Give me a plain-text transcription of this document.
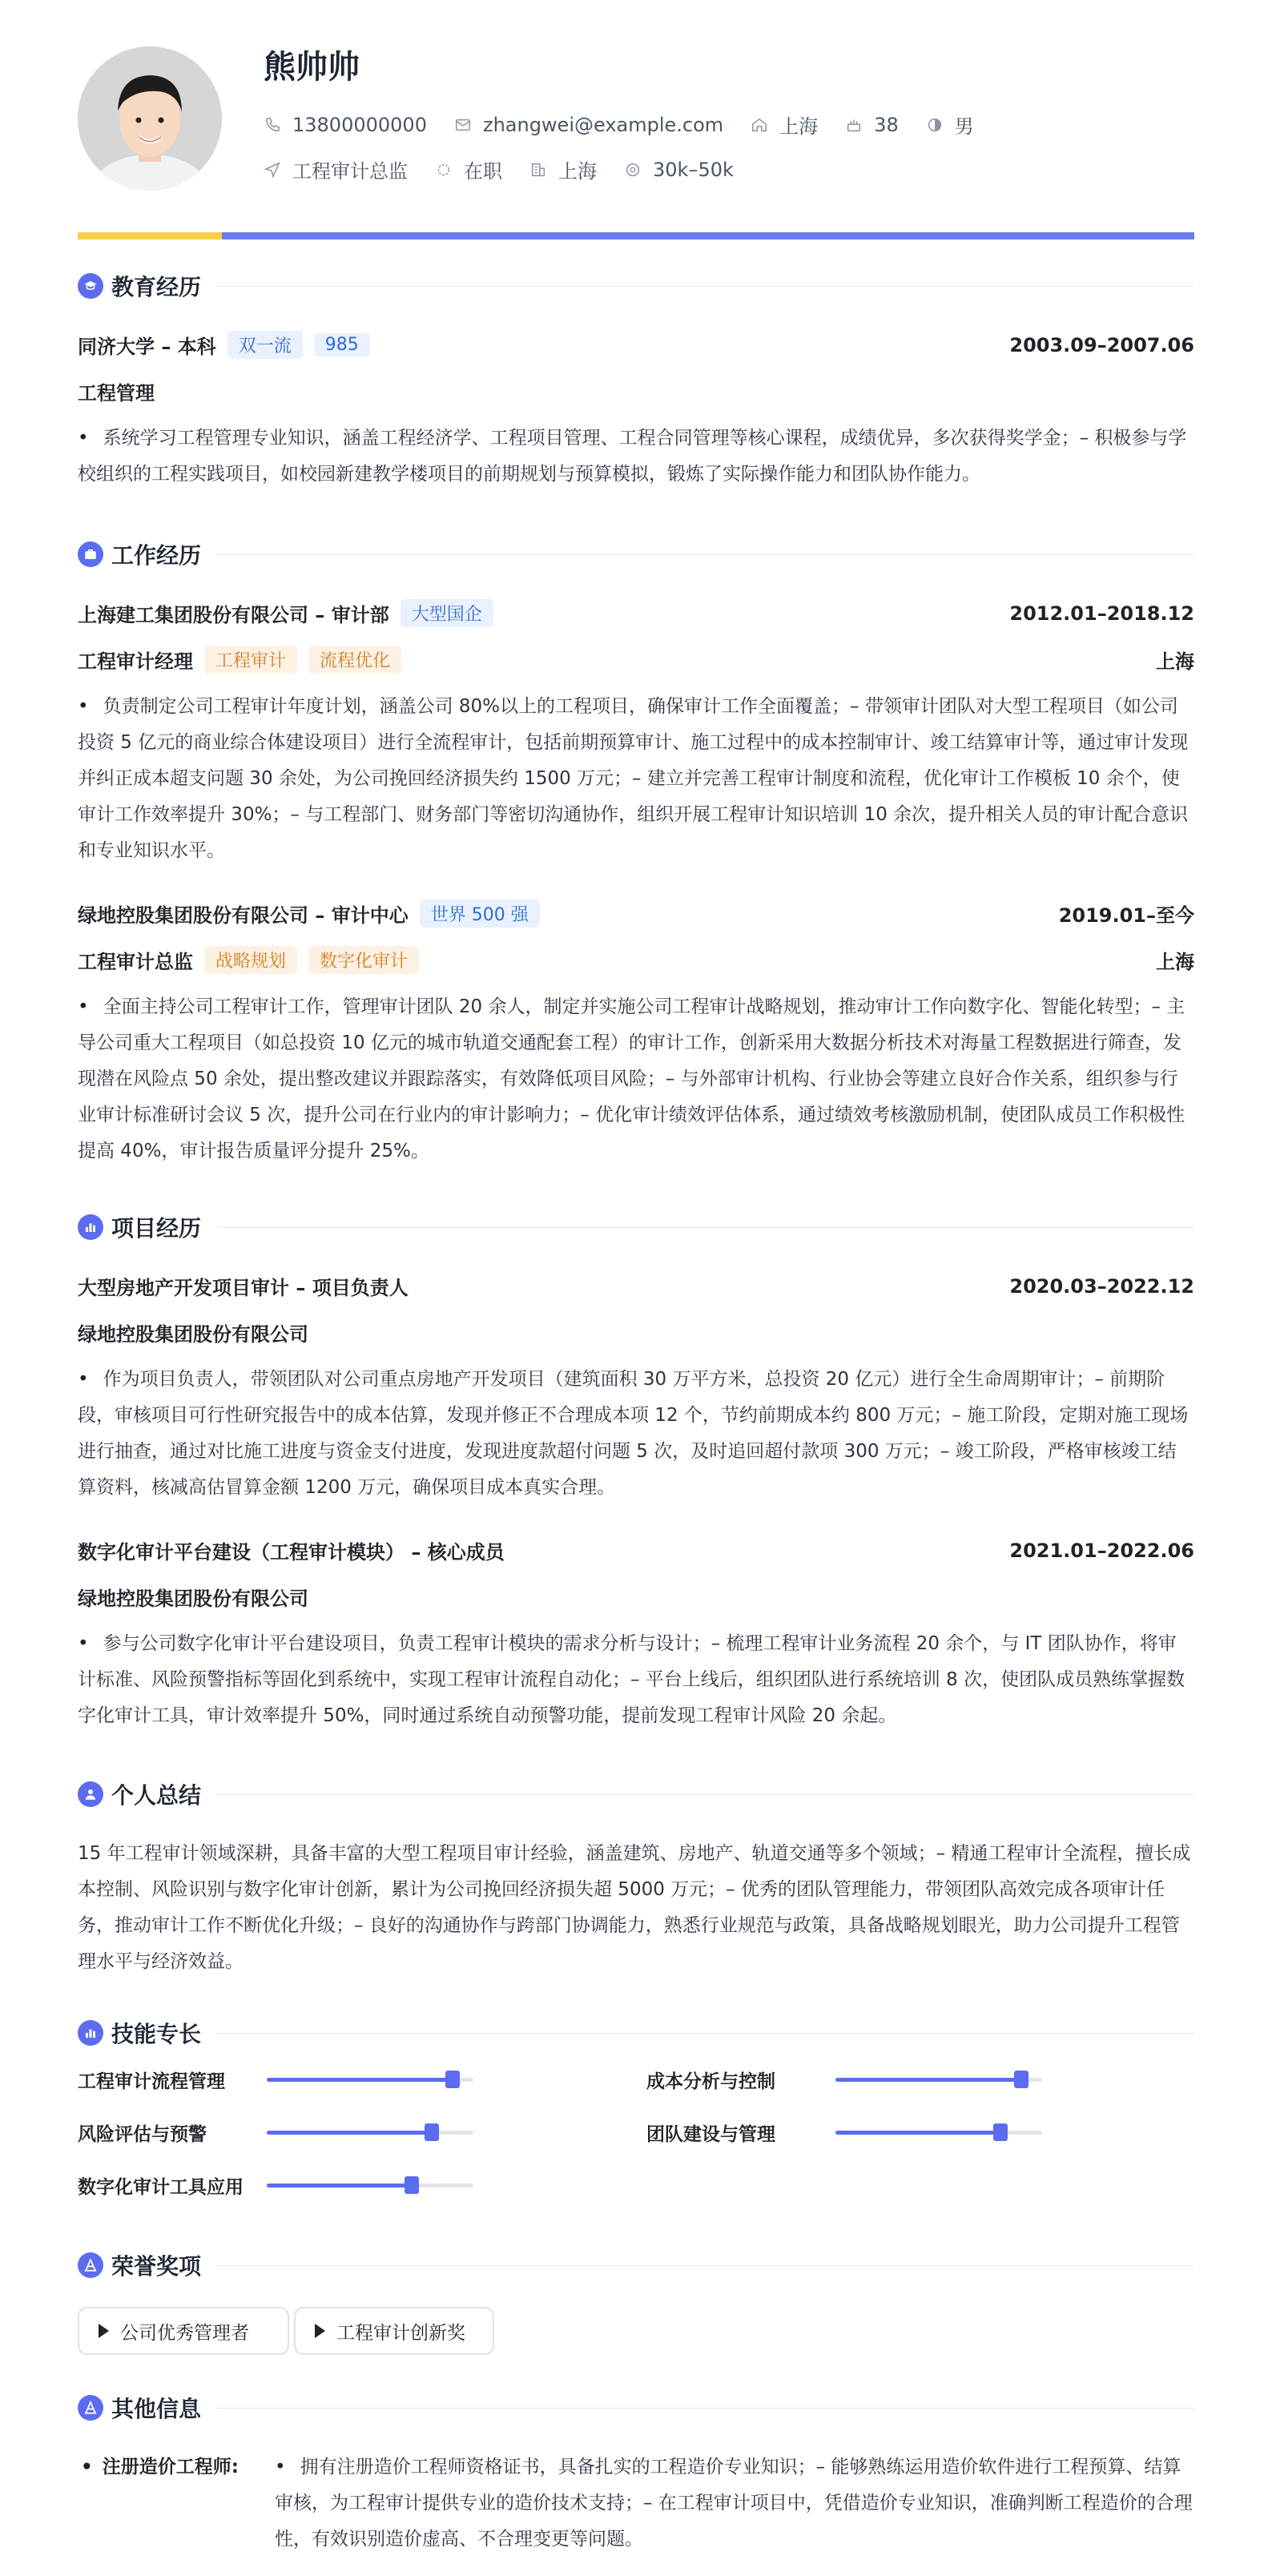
熊帅帅
13800000000	zhangwei@example.com	上海	38	男
工程审计总监	在职	上海	30k–50k
教育经历
同济大学 – 本科	双一流	985	2003.09–2007.06
工程管理
• 系统学习工程管理专业知识，涵盖工程经济学、工程项目管理、工程合同管理等核心课程，成绩优异，多次获得奖学金；– 积极参与学校组织的工程实践项目，如校园新建教学楼项目的前期规划与预算模拟，锻炼了实际操作能力和团队协作能力。
工作经历
上海建工集团股份有限公司 – 审计部	大型国企	2012.01–2018.12
工程审计经理	工程审计	流程优化	上海
• 负责制定公司工程审计年度计划，涵盖公司 80%以上的工程项目，确保审计工作全面覆盖；– 带领审计团队对大型工程项目（如公司投资 5 亿元的商业综合体建设项目）进行全流程审计，包括前期预算审计、施工过程中的成本控制审计、竣工结算审计等，通过审计发现并纠正成本超支问题 30 余处，为公司挽回经济损失约 1500 万元；– 建立并完善工程审计制度和流程，优化审计工作模板 10 余个，使审计工作效率提升 30%；– 与工程部门、财务部门等密切沟通协作，组织开展工程审计知识培训 10 余次，提升相关人员的审计配合意识和专业知识水平。
绿地控股集团股份有限公司 – 审计中心	世界 500 强	2019.01–至今
工程审计总监	战略规划	数字化审计	上海
• 全面主持公司工程审计工作，管理审计团队 20 余人，制定并实施公司工程审计战略规划，推动审计工作向数字化、智能化转型；– 主导公司重大工程项目（如总投资 10 亿元的城市轨道交通配套工程）的审计工作，创新采用大数据分析技术对海量工程数据进行筛查，发现潜在风险点 50 余处，提出整改建议并跟踪落实，有效降低项目风险；– 与外部审计机构、行业协会等建立良好合作关系，组织参与行业审计标准研讨会议 5 次，提升公司在行业内的审计影响力；– 优化审计绩效评估体系，通过绩效考核激励机制，使团队成员工作积极性提高 40%，审计报告质量评分提升 25%。
项目经历
大型房地产开发项目审计 – 项目负责人	2020.03–2022.12
绿地控股集团股份有限公司
• 作为项目负责人，带领团队对公司重点房地产开发项目（建筑面积 30 万平方米，总投资 20 亿元）进行全生命周期审计；– 前期阶段，审核项目可行性研究报告中的成本估算，发现并修正不合理成本项 12 个，节约前期成本约 800 万元；– 施工阶段，定期对施工现场进行抽查，通过对比施工进度与资金支付进度，发现进度款超付问题 5 次，及时追回超付款项 300 万元；– 竣工阶段，严格审核竣工结算资料，核减高估冒算金额 1200 万元，确保项目成本真实合理。
数字化审计平台建设（工程审计模块） – 核心成员	2021.01–2022.06
绿地控股集团股份有限公司
• 参与公司数字化审计平台建设项目，负责工程审计模块的需求分析与设计；– 梳理工程审计业务流程 20 余个，与 IT 团队协作，将审计标准、风险预警指标等固化到系统中，实现工程审计流程自动化；– 平台上线后，组织团队进行系统培训 8 次，使团队成员熟练掌握数字化审计工具，审计效率提升 50%，同时通过系统自动预警功能，提前发现工程审计风险 20 余起。
个人总结
15 年工程审计领域深耕，具备丰富的大型工程项目审计经验，涵盖建筑、房地产、轨道交通等多个领域；– 精通工程审计全流程，擅长成本控制、风险识别与数字化审计创新，累计为公司挽回经济损失超 5000 万元；– 优秀的团队管理能力，带领团队高效完成各项审计任务，推动审计工作不断优化升级；– 良好的沟通协作与跨部门协调能力，熟悉行业规范与政策，具备战略规划眼光，助力公司提升工程管理水平与经济效益。
技能专长
工程审计流程管理	成本分析与控制
风险评估与预警	团队建设与管理
数字化审计工具应用
荣誉奖项
公司优秀管理者	工程审计创新奖
其他信息
• 注册造价工程师:
•	拥有注册造价工程师资格证书，具备扎实的工程造价专业知识；– 能够熟练运用造价软件进行工程预算、结算审核，为工程审计提供专业的造价技术支持；– 在工程审计项目中，凭借造价专业知识，准确判断工程造价的合理性，有效识别造价虚高、不合理变更等问题。
